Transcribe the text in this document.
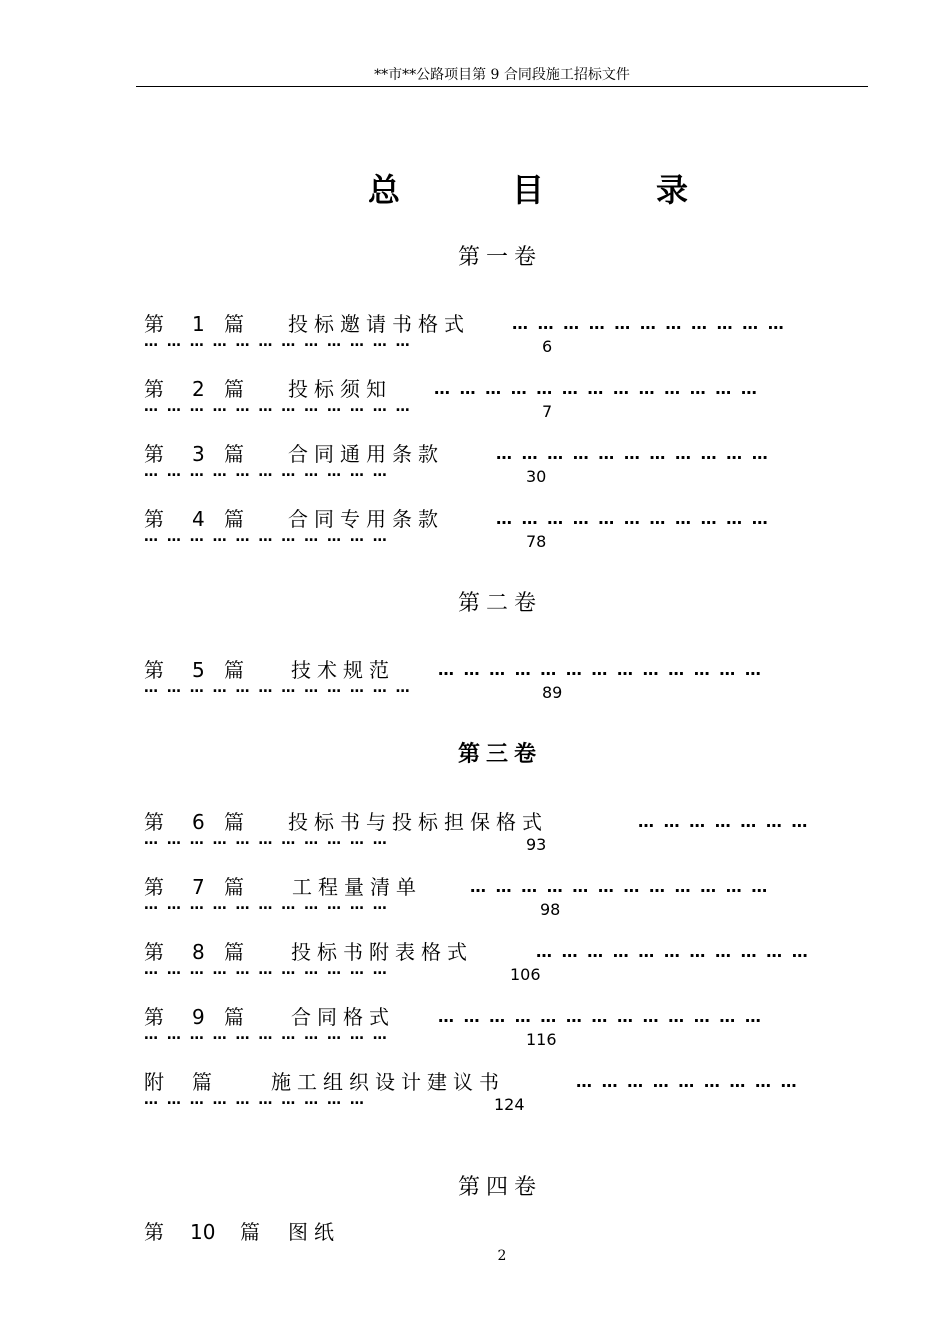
**市**公路项目第 9 合同段施工招标文件
总	目	录
第一卷
第 1 篇 投标邀请书格式	… … … … … … … … … … …
… … … … … … … … … … … …	6
第 2 篇 投标须知	… … … … … … … … … … … … …
… … … … … … … … … … … …	7
第 3 篇 合同通用条款	… … … … … … … … … … …
… … … … … … … … … … …	30
第 4 篇 合同专用条款	… … … … … … … … … … …
… … … … … … … … … … …	78
第二卷
第 5 篇 技术规范	… … … … … … … … … … … … …
… … … … … … … … … … … …	89
第三卷
第 6 篇 投标书与投标担保格式	… … … … … … …
… … … … … … … … … … …	93
第 7 篇 工程量清单	… … … … … … … … … … … …
… … … … … … … … … … …	98
第 8 篇 投标书附表格式	… … … … … … … … … … …
… … … … … … … … … … …	106
第 9 篇 合同格式	… … … … … … … … … … … … …
… … … … … … … … … … …	116
附 篇	施工组织设计建议书	… … … … … … … … …
… … … … … … … … … …	124
第四卷
第 10 篇 图纸
2
